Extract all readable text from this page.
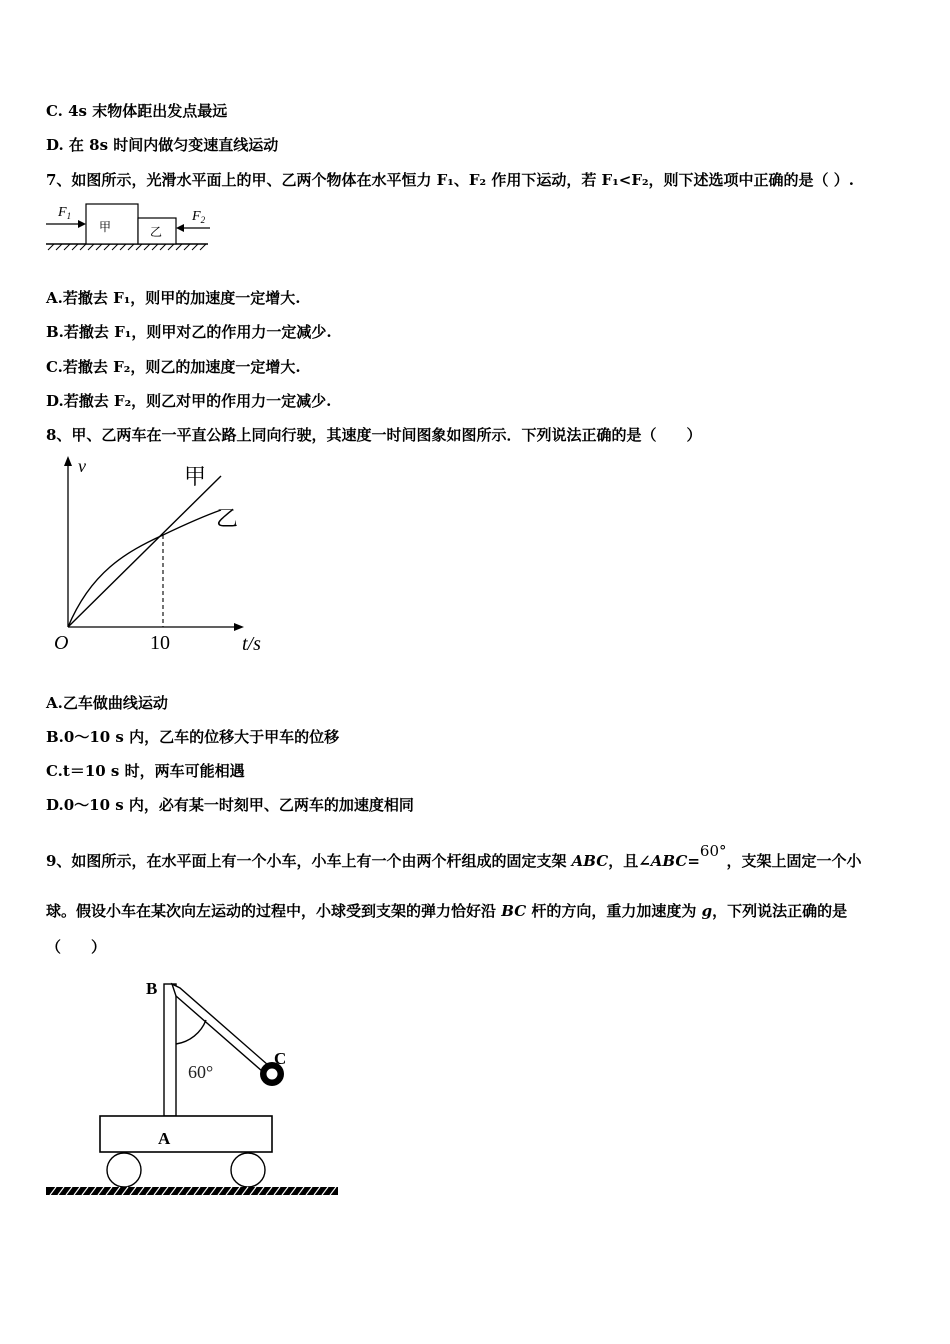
C. 4s 末物体距出发点最远
D. 在 8s 时间内做匀变速直线运动
7、如图所示，光滑水平面上的甲、乙两个物体在水平恒力 F₁、F₂ 作用下运动，若 F₁<F₂，则下述选项中正确的是（ ）.
甲	乙
$F_1$	$F_2$
A.若撤去 F₁，则甲的加速度一定增大.
B.若撤去 F₁，则甲对乙的作用力一定减少.
C.若撤去 F₂，则乙的加速度一定增大.
D.若撤去 F₂，则乙对甲的作用力一定减少.
8、甲、乙两车在一平直公路上同向行驶，其速度一时间图象如图所示．下列说法正确的是（　　）
v
O	10	t/s
甲
乙
A.乙车做曲线运动
B.0～10 s 内，乙车的位移大于甲车的位移
C.t＝10 s 时，两车可能相遇
D.0～10 s 内，必有某一时刻甲、乙两车的加速度相同
9、如图所示，在水平面上有一个小车，小车上有一个由两个杆组成的固定支架 ABC，且∠ABC=60°，支架上固定一个小
球。假设小车在某次向左运动的过程中，小球受到支架的弹力恰好沿 BC 杆的方向，重力加速度为 g，下列说法正确的是
（　　）
B
C
A
60°
